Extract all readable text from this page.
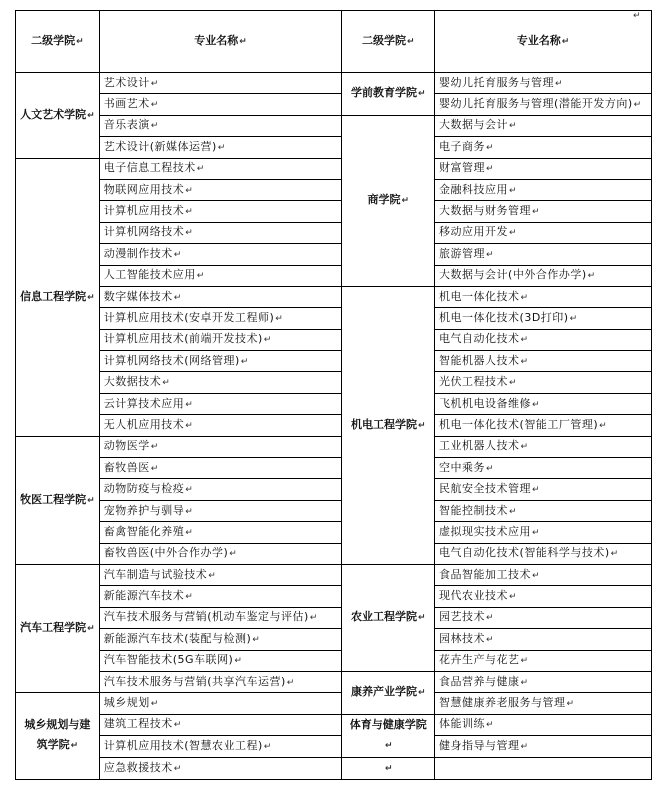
二级学院↵	专业名称↵	二级学院↵	专业名称↵
人文艺术学院↵	艺术设计↵	学前教育学院↵	婴幼儿托育服务与管理↵
	书画艺术↵		婴幼儿托育服务与管理(潜能开发方向)↵
	音乐表演↵	商学院↵	大数据与会计↵
	艺术设计(新媒体运营)↵		电子商务↵
信息工程学院↵	电子信息工程技术↵		财富管理↵
	物联网应用技术↵		金融科技应用↵
	计算机应用技术↵		大数据与财务管理↵
	计算机网络技术↵		移动应用开发↵
	动漫制作技术↵		旅游管理↵
	人工智能技术应用↵		大数据与会计(中外合作办学)↵
	数字媒体技术↵	机电工程学院↵	机电一体化技术↵
	计算机应用技术(安卓开发工程师)↵		机电一体化技术(3D打印)↵
	计算机应用技术(前端开发技术)↵		电气自动化技术↵
	计算机网络技术(网络管理)↵		智能机器人技术↵
	大数据技术↵		光伏工程技术↵
	云计算技术应用↵		飞机机电设备维修↵
	无人机应用技术↵		机电一体化技术(智能工厂管理)↵
牧医工程学院↵	动物医学↵		工业机器人技术↵
	畜牧兽医↵		空中乘务↵
	动物防疫与检疫↵		民航安全技术管理↵
	宠物养护与驯导↵		智能控制技术↵
	畜禽智能化养殖↵		虚拟现实技术应用↵
	畜牧兽医(中外合作办学)↵		电气自动化技术(智能科学与技术)↵
汽车工程学院↵	汽车制造与试验技术↵	农业工程学院↵	食品智能加工技术↵
	新能源汽车技术↵		现代农业技术↵
	汽车技术服务与营销(机动车鉴定与评估)↵		园艺技术↵
	新能源汽车技术(装配与检测)↵		园林技术↵
	汽车智能技术(5G车联网)↵		花卉生产与花艺↵
	汽车技术服务与营销(共享汽车运营)↵	康养产业学院↵	食品营养与健康↵
城乡规划与建筑学院↵	城乡规划↵		智慧健康养老服务与管理↵
	建筑工程技术↵	体育与健康学院↵	体能训练↵
	计算机应用技术(智慧农业工程)↵		健身指导与管理↵
	应急救援技术↵	↵	
↵
